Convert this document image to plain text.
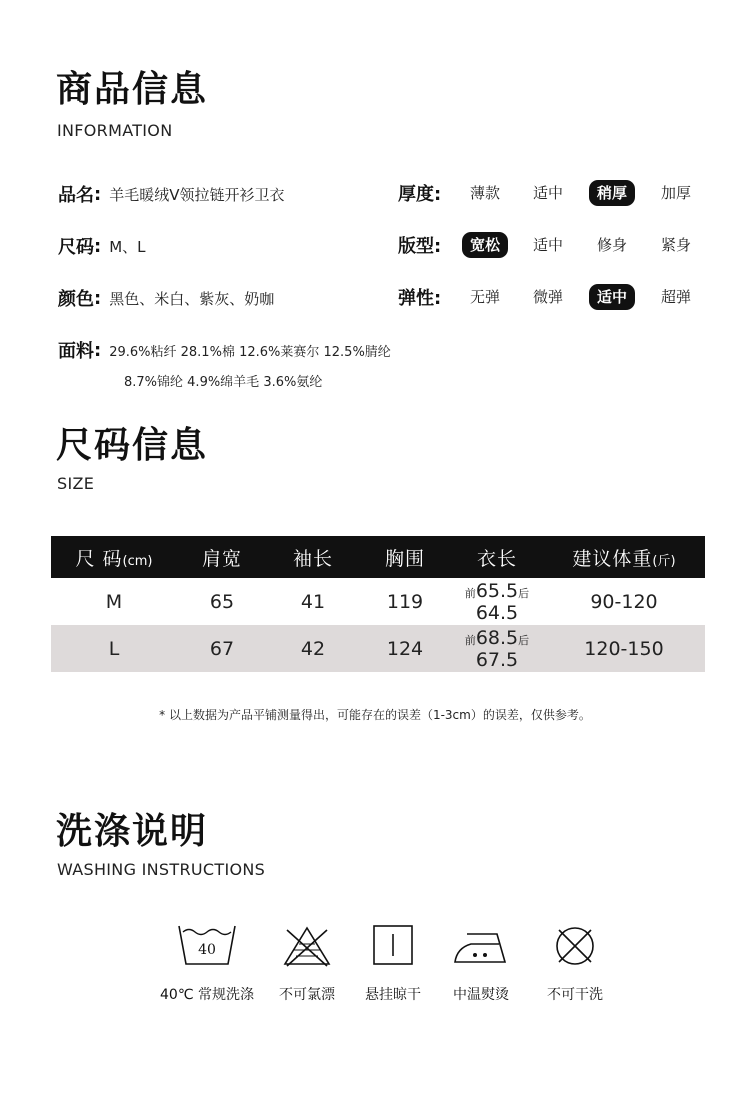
商品信息
INFORMATION
品名 : 羊毛暖绒V领拉链开衫卫衣
尺码 : M、L
颜色 : 黑色、米白、紫灰、奶咖
面料 : 29.6%粘纤 28.1%棉 12.6%莱赛尔 12.5%腈纶
8.7%锦纶 4.9%绵羊毛 3.6%氨纶
厚度:	薄款	适中	稍厚	加厚
版型:	宽松	适中	修身	紧身
弹性:	无弹	微弹	适中	超弹
尺码信息
SIZE
尺 码(cm)	肩宽	袖长	胸围	衣长	建议体重(斤)
M	65	41	119	前65.5后64.5	90-120
L	67	42	124	前68.5后67.5	120-150
* 以上数据为产品平铺测量得出，可能存在的误差（1-3cm）的误差，仅供参考。
洗涤说明
WASHING INSTRUCTIONS
40
40℃ 常规洗涤	不可氯漂	悬挂晾干	中温熨烫	不可干洗
